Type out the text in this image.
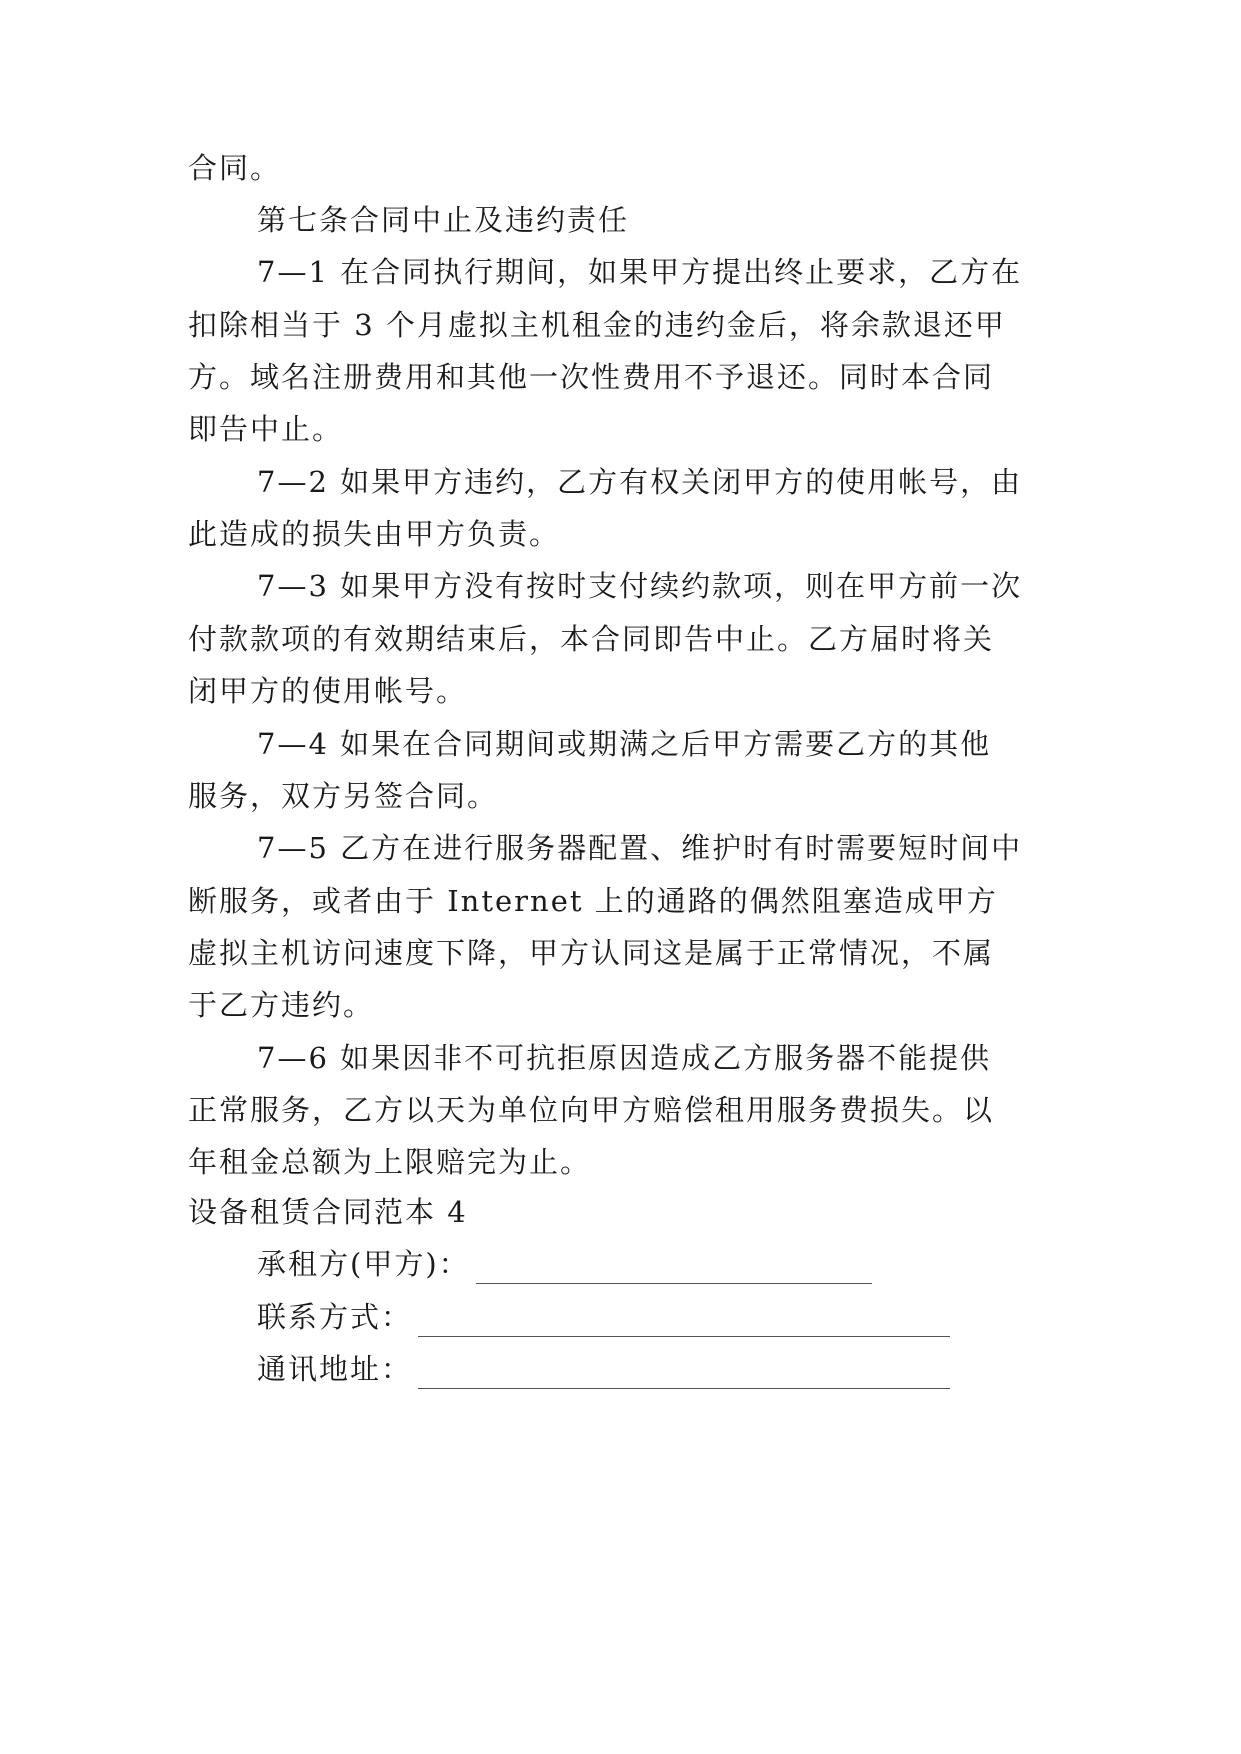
合同。
第七条合同中止及违约责任
7—1 在合同执行期间，如果甲方提出终止要求，乙方在
扣除相当于 3 个月虚拟主机租金的违约金后，将余款退还甲
方。域名注册费用和其他一次性费用不予退还。同时本合同
即告中止。
7—2 如果甲方违约，乙方有权关闭甲方的使用帐号，由
此造成的损失由甲方负责。
7—3 如果甲方没有按时支付续约款项，则在甲方前一次
付款款项的有效期结束后，本合同即告中止。乙方届时将关
闭甲方的使用帐号。
7—4 如果在合同期间或期满之后甲方需要乙方的其他
服务，双方另签合同。
7—5 乙方在进行服务器配置、维护时有时需要短时间中
断服务，或者由于 Internet 上的通路的偶然阻塞造成甲方
虚拟主机访问速度下降，甲方认同这是属于正常情况，不属
于乙方违约。
7—6 如果因非不可抗拒原因造成乙方服务器不能提供
正常服务，乙方以天为单位向甲方赔偿租用服务费损失。以
年租金总额为上限赔完为止。
设备租赁合同范本 4
承租方(甲方)：
联系方式：
通讯地址：
